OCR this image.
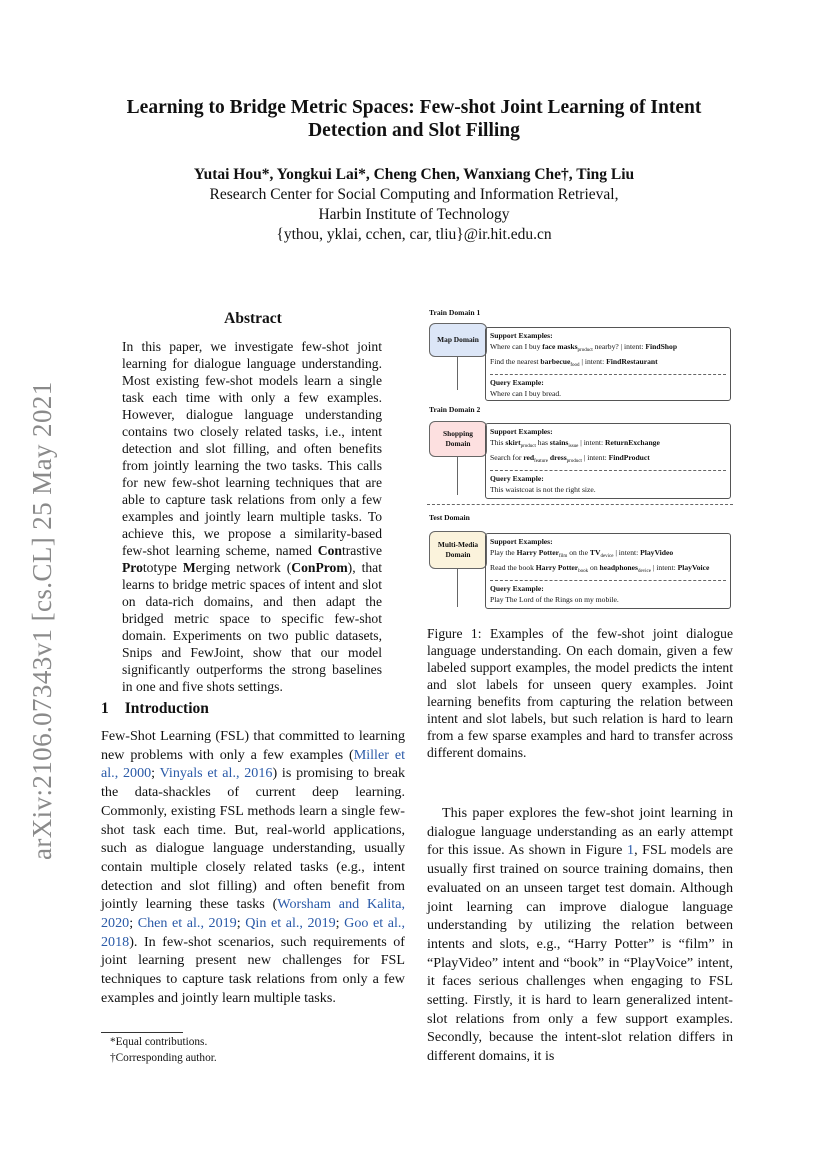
Learning to Bridge Metric Spaces: Few-shot Joint Learning of Intent
Detection and Slot Filling
Yutai Hou*, Yongkui Lai*, Cheng Chen, Wanxiang Che†, Ting Liu
Research Center for Social Computing and Information Retrieval,
Harbin Institute of Technology
{ythou, yklai, cchen, car, tliu}@ir.hit.edu.cn
arXiv:2106.07343v1 [cs.CL] 25 May 2021
Abstract
In this paper, we investigate few-shot joint learning for dialogue language understanding. Most existing few-shot models learn a single task each time with only a few examples. However, dialogue language understanding contains two closely related tasks, i.e., intent detection and slot filling, and often benefits from jointly learning the two tasks. This calls for new few-shot learning techniques that are able to capture task relations from only a few examples and jointly learn multiple tasks. To achieve this, we propose a similarity-based few-shot learning scheme, named Contrastive Prototype Merging network (ConProm), that learns to bridge metric spaces of intent and slot on data-rich domains, and then adapt the bridged metric space to specific few-shot domain. Experiments on two public datasets, Snips and FewJoint, show that our model significantly outperforms the strong baselines in one and five shots settings.
1 Introduction
Few-Shot Learning (FSL) that committed to learning new problems with only a few examples (Miller et al., 2000; Vinyals et al., 2016) is promising to break the data-shackles of current deep learning. Commonly, existing FSL methods learn a single few-shot task each time. But, real-world applications, such as dialogue language understanding, usually contain multiple closely related tasks (e.g., intent detection and slot filling) and often benefit from jointly learning these tasks (Worsham and Kalita, 2020; Chen et al., 2019; Qin et al., 2019; Goo et al., 2018). In few-shot scenarios, such requirements of joint learning present new challenges for FSL techniques to capture task relations from only a few examples and jointly learn multiple tasks.
*Equal contributions.
†Corresponding author.
Train Domain 1
Map Domain	Support Examples:
Where can I buy face masks$_{product}$ nearby? | intent: FindShop
Find the nearest barbecue$_{food}$ | intent: FindRestaurant
Query Example:
Where can I buy bread.
Train Domain 2
Shopping
Domain
Support Examples:
This skirt$_{product}$ has stains$_{issue}$ | intent: ReturnExchange
Search for red$_{feature}$ dress$_{product}$ | intent: FindProduct
Query Example:
This waistcoat is not the right size.
Test Domain
Multi-Media
Domain
Support Examples:
Play the Harry Potter$_{film}$ on the $TV_{device}$ | intent: PlayVideo
Read the book Harry Potter$_{book}$ on headphones$_{device}$ | intent: PlayVoice
Query Example:
Play The Lord of the Rings on my mobile.
Figure 1: Examples of the few-shot joint dialogue language understanding. On each domain, given a few labeled support examples, the model predicts the intent and slot labels for unseen query examples. Joint learning benefits from capturing the relation between intent and slot labels, but such relation is hard to learn from a few sparse examples and hard to transfer across different domains.
This paper explores the few-shot joint learning in dialogue language understanding as an early attempt for this issue. As shown in Figure 1, FSL models are usually first trained on source training domains, then evaluated on an unseen target test domain. Although joint learning can improve dialogue language understanding by utilizing the relation between intents and slots, e.g., “Harry Potter” is “film” in “PlayVideo” intent and “book” in “PlayVoice” intent, it faces serious challenges when engaging to FSL setting. Firstly, it is hard to learn generalized intent-slot relations from only a few support examples. Secondly, because the intent-slot relation differs in different domains, it is
